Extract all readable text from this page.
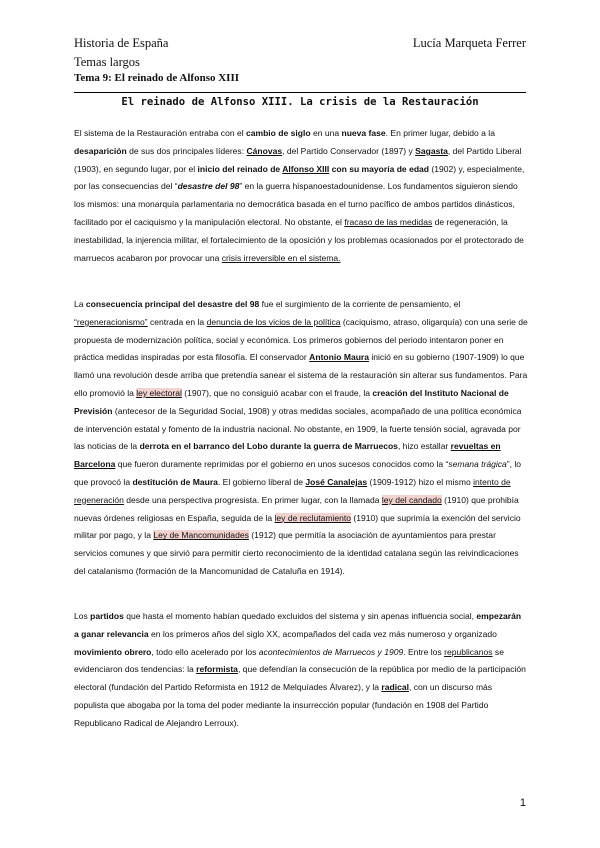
Historia de España	Lucía Marqueta Ferrer
Temas largos
Tema 9: El reinado de Alfonso XIII
El reinado de Alfonso XIII. La crisis de la Restauración
El sistema de la Restauración entraba con el cambio de siglo en una nueva fase. En primer lugar, debido a la desaparición de sus dos principales líderes: Cánovas, del Partido Conservador (1897) y Sagasta, del Partido Liberal (1903), en segundo lugar, por el inicio del reinado de Alfonso XIII con su mayoría de edad (1902) y, especialmente, por las consecuencias del “desastre del 98” en la guerra hispanoestadounidense. Los fundamentos siguieron siendo los mismos: una monarquía parlamentaria no democrática basada en el turno pacífico de ambos partidos dinásticos, facilitado por el caciquismo y la manipulación electoral. No obstante, el fracaso de las medidas de regeneración, la inestabilidad, la injerencia militar, el fortalecimiento de la oposición y los problemas ocasionados por el protectorado de marruecos acabaron por provocar una crisis irreversible en el sistema.
La consecuencia principal del desastre del 98 fue el surgimiento de la corriente de pensamiento, el “regeneracionismo” centrada en la denuncia de los vicios de la política (caciquismo, atraso, oligarquía) con una serie de propuesta de modernización política, social y económica. Los primeros gobiernos del periodo intentaron poner en práctica medidas inspiradas por esta filosofía. El conservador Antonio Maura inició en su gobierno (1907-1909) lo que llamó una revolución desde arriba que pretendía sanear el sistema de la restauración sin alterar sus fundamentos. Para ello promovió la ley electoral (1907), que no consiguió acabar con el fraude, la creación del Instituto Nacional de Previsión (antecesor de la Seguridad Social, 1908) y otras medidas sociales, acompañado de una política económica de intervención estatal y fomento de la industria nacional. No obstante, en 1909, la fuerte tensión social, agravada por las noticias de la derrota en el barranco del Lobo durante la guerra de Marruecos, hizo estallar revueltas en Barcelona que fueron duramente reprimidas por el gobierno en unos sucesos conocidos como la “semana trágica”, lo que provocó la destitución de Maura. El gobierno liberal de José Canalejas (1909-1912) hizo el mismo intento de regeneración desde una perspectiva progresista. En primer lugar, con la llamada ley del candado (1910) que prohibía nuevas órdenes religiosas en España, seguida de la ley de reclutamiento (1910) que suprimía la exención del servicio militar por pago, y la Ley de Mancomunidades (1912) que permitía la asociación de ayuntamientos para prestar servicios comunes y que sirvió para permitir cierto reconocimiento de la identidad catalana según las reivindicaciones del catalanismo (formación de la Mancomunidad de Cataluña en 1914).
Los partidos que hasta el momento habían quedado excluidos del sistema y sin apenas influencia social, empezarán a ganar relevancia en los primeros años del siglo XX, acompañados del cada vez más numeroso y organizado movimiento obrero, todo ello acelerado por los acontecimientos de Marruecos y 1909. Entre los republicanos se evidenciaron dos tendencias: la reformista, que defendían la consecución de la república por medio de la participación electoral (fundación del Partido Reformista en 1912 de Melquíades Álvarez), y la radical, con un discurso más populista que abogaba por la toma del poder mediante la insurrección popular (fundación en 1908 del Partido Republicano Radical de Alejandro Lerroux).
1
